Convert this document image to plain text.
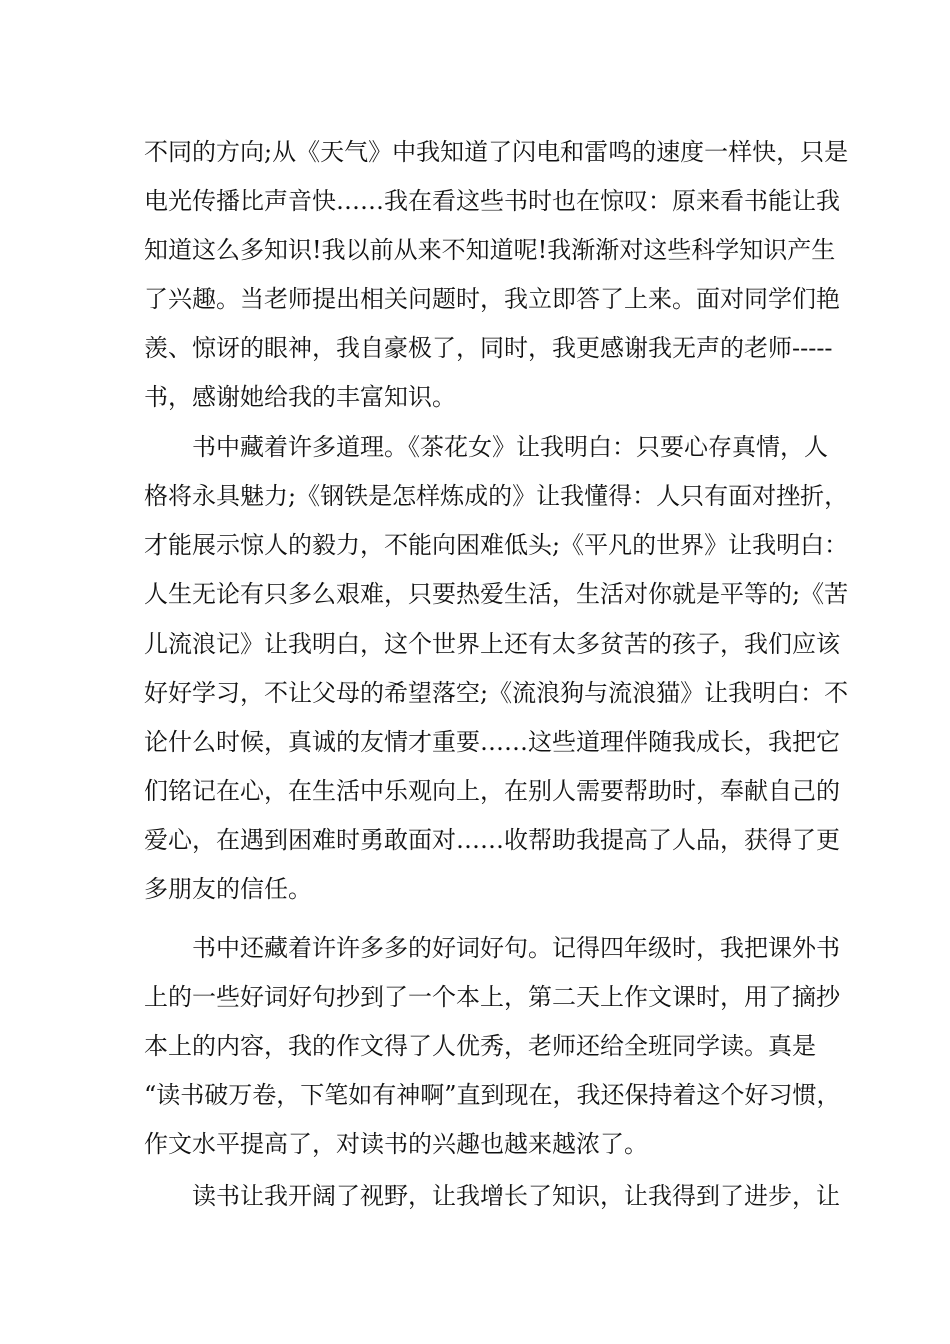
不同的方向;从《天气》中我知道了闪电和雷鸣的速度一样快，只是
电光传播比声音快……我在看这些书时也在惊叹：原来看书能让我
知道这么多知识!我以前从来不知道呢!我渐渐对这些科学知识产生
了兴趣。当老师提出相关问题时，我立即答了上来。面对同学们艳
羡、惊讶的眼神，我自豪极了，同时，我更感谢我无声的老师-----
书，感谢她给我的丰富知识。
书中藏着许多道理。《茶花女》让我明白：只要心存真情，人
格将永具魅力;《钢铁是怎样炼成的》让我懂得：人只有面对挫折，
才能展示惊人的毅力，不能向困难低头;《平凡的世界》让我明白：
人生无论有只多么艰难，只要热爱生活，生活对你就是平等的;《苦
儿流浪记》让我明白，这个世界上还有太多贫苦的孩子，我们应该
好好学习，不让父母的希望落空;《流浪狗与流浪猫》让我明白：不
论什么时候，真诚的友情才重要……这些道理伴随我成长，我把它
们铭记在心，在生活中乐观向上，在别人需要帮助时，奉献自己的
爱心，在遇到困难时勇敢面对……收帮助我提高了人品，获得了更
多朋友的信任。
书中还藏着许许多多的好词好句。记得四年级时，我把课外书
上的一些好词好句抄到了一个本上，第二天上作文课时，用了摘抄
本上的内容，我的作文得了人优秀，老师还给全班同学读。真是
“读书破万卷，下笔如有神啊”直到现在，我还保持着这个好习惯，
作文水平提高了，对读书的兴趣也越来越浓了。
读书让我开阔了视野，让我增长了知识，让我得到了进步，让
